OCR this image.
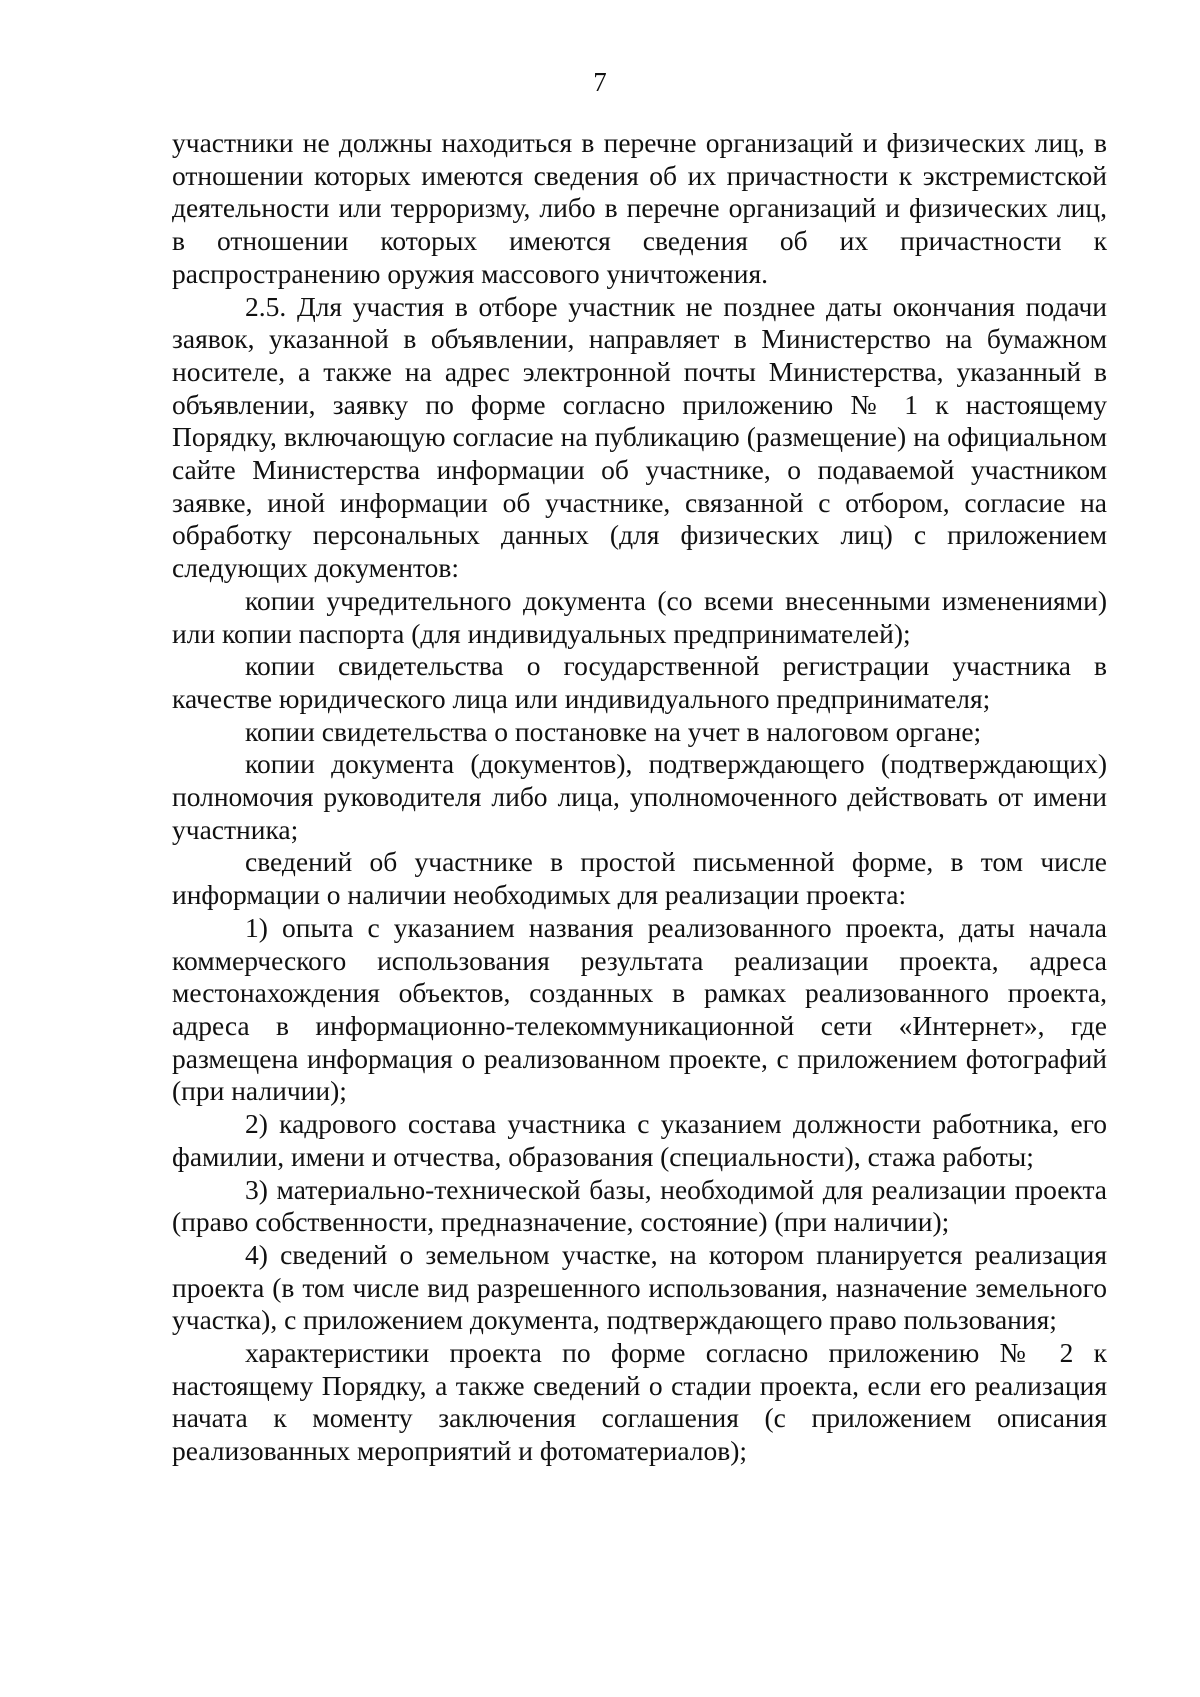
7

участники не должны находиться в перечне организаций и физических лиц, в отношении которых имеются сведения об их причастности к экстремистской деятельности или терроризму, либо в перечне организаций и физических лиц, в отношении которых имеются сведения об их причастности к распространению оружия массового уничтожения.

2.5. Для участия в отборе участник не позднее даты окончания подачи заявок, указанной в объявлении, направляет в Министерство на бумажном носителе, а также на адрес электронной почты Министерства, указанный в объявлении, заявку по форме согласно приложению № 1 к настоящему Порядку, включающую согласие на публикацию (размещение) на официальном сайте Министерства информации об участнике, о подаваемой участником заявке, иной информации об участнике, связанной с отбором, согласие на обработку персональных данных (для физических лиц) с приложением следующих документов:

копии учредительного документа (со всеми внесенными изменениями) или копии паспорта (для индивидуальных предпринимателей);

копии свидетельства о государственной регистрации участника в качестве юридического лица или индивидуального предпринимателя;

копии свидетельства о постановке на учет в налоговом органе;

копии документа (документов), подтверждающего (подтверждающих) полномочия руководителя либо лица, уполномоченного действовать от имени участника;

сведений об участнике в простой письменной форме, в том числе информации о наличии необходимых для реализации проекта:

1) опыта с указанием названия реализованного проекта, даты начала коммерческого использования результата реализации проекта, адреса местонахождения объектов, созданных в рамках реализованного проекта, адреса в информационно-телекоммуникационной сети «Интернет», где размещена информация о реализованном проекте, с приложением фотографий (при наличии);

2) кадрового состава участника с указанием должности работника, его фамилии, имени и отчества, образования (специальности), стажа работы;

3) материально-технической базы, необходимой для реализации проекта (право собственности, предназначение, состояние) (при наличии);

4) сведений о земельном участке, на котором планируется реализация проекта (в том числе вид разрешенного использования, назначение земельного участка), с приложением документа, подтверждающего право пользования;

характеристики проекта по форме согласно приложению № 2 к настоящему Порядку, а также сведений о стадии проекта, если его реализация начата к моменту заключения соглашения (с приложением описания реализованных мероприятий и фотоматериалов);
